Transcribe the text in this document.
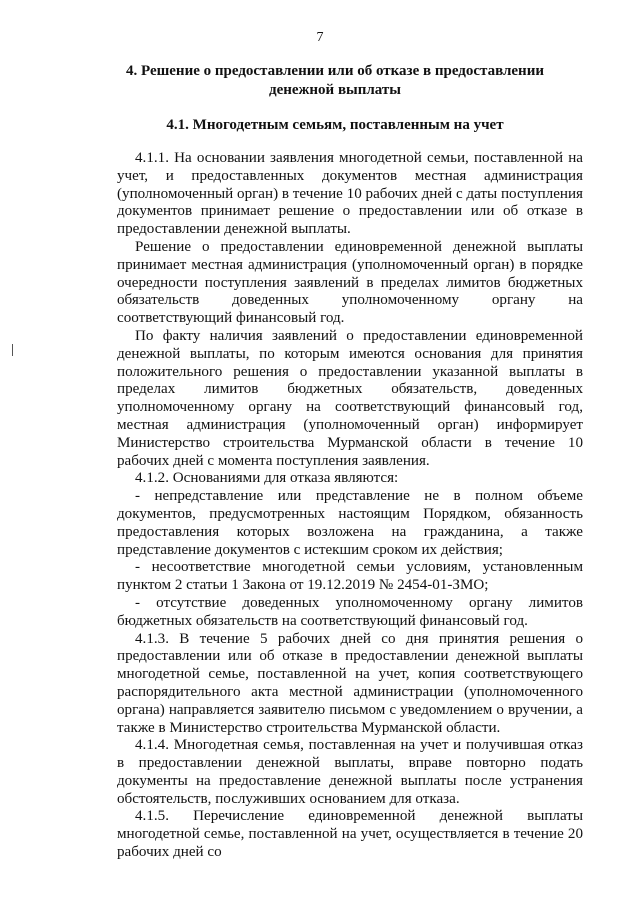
7
4. Решение о предоставлении или об отказе в предоставлении денежной выплаты
4.1. Многодетным семьям, поставленным на учет

4.1.1. На основании заявления многодетной семьи, поставленной на учет, и предоставленных документов местная администрация (уполномоченный орган) в течение 10 рабочих дней с даты поступления документов принимает решение о предоставлении или об отказе в предоставлении денежной выплаты.

Решение о предоставлении единовременной денежной выплаты принимает местная администрация (уполномоченный орган) в порядке очередности поступления заявлений в пределах лимитов бюджетных обязательств доведенных уполномоченному органу на соответствующий финансовый год.

По факту наличия заявлений о предоставлении единовременной денежной выплаты, по которым имеются основания для принятия положительного решения о предоставлении указанной выплаты в пределах лимитов бюджетных обязательств, доведенных уполномоченному органу на соответствующий финансовый год, местная администрация (уполномоченный орган) информирует Министерство строительства Мурманской области в течение 10 рабочих дней с момента поступления заявления.

4.1.2. Основаниями для отказа являются:

- непредставление или представление не в полном объеме документов, предусмотренных настоящим Порядком, обязанность предоставления которых возложена на гражданина, а также представление документов с истекшим сроком их действия;

- несоответствие многодетной семьи условиям, установленным пунктом 2 статьи 1 Закона от 19.12.2019 № 2454-01-ЗМО;

- отсутствие доведенных уполномоченному органу лимитов бюджетных обязательств на соответствующий финансовый год.

4.1.3. В течение 5 рабочих дней со дня принятия решения о предоставлении или об отказе в предоставлении денежной выплаты многодетной семье, поставленной на учет, копия соответствующего распорядительного акта местной администрации (уполномоченного органа) направляется заявителю письмом с уведомлением о вручении, а также в Министерство строительства Мурманской области.

4.1.4. Многодетная семья, поставленная на учет и получившая отказ в предоставлении денежной выплаты, вправе повторно подать документы на предоставление денежной выплаты после устранения обстоятельств, послуживших основанием для отказа.

4.1.5. Перечисление единовременной денежной выплаты многодетной семье, поставленной на учет, осуществляется в течение 20 рабочих дней со
